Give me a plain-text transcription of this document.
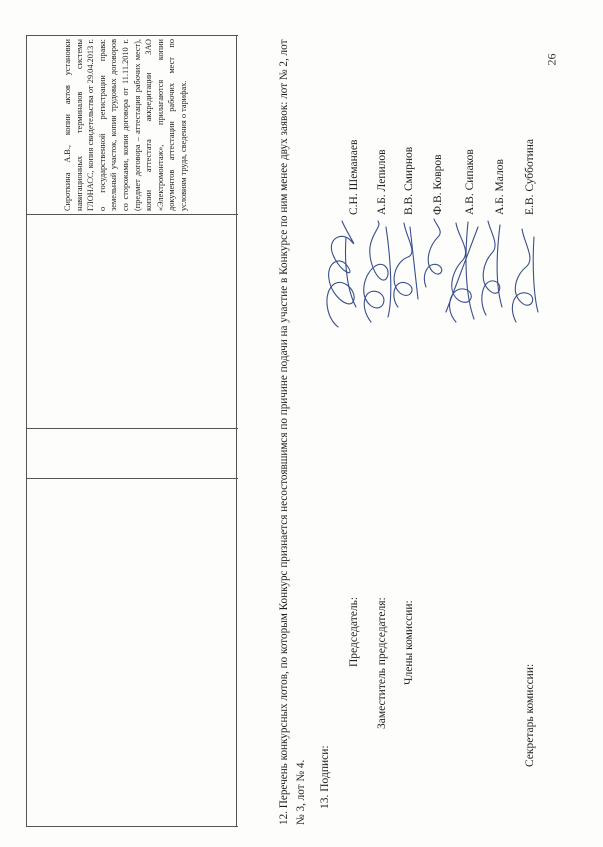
Сироткина А.В., копии актов установки навигационных терминалов системы ГЛОНАСС, копия свидетельства от 29.04.2013 г. о государственной регистрации права: земельный участок, копии трудовых договоров со сторожами, копия договора от 11.11.2010 г.(предмет договора – аттестация рабочих мест), копии аттестата аккредитации ЗАО «Электромонтаж», прилагаются копии документов аттестации рабочих мест по условиям труда, сведения о тарифах.	12. Перечень конкурсных лотов, по которым Конкурс признается несостоявшимся по причине подачи на участие в Конкурсе по ним менее двух заявок: лот № 2, лот № 3, лот № 4. 13. Подписи:
Председатель: Заместитель председателя: Члены комиссии:
Секретарь комиссии:
С.Н. Шеманаев А.Б. Лепилов В.В. Смирнов Ф.В. Ковров А.В. Сипаков А.Б. Малов Е.В. Субботина
26
